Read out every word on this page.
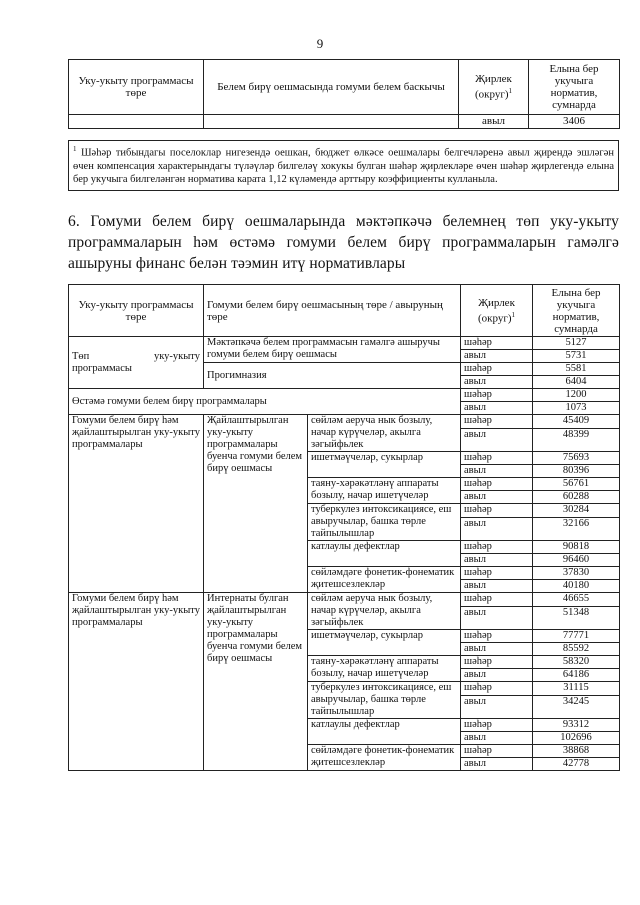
9
Уку-укыту программасы төре	Белем бирү оешмасында гомуми белем баскычы	Җирлек (округ)$^1$	Елына бер укучыга норматив, сумнарда
		авыл	3406
$^1$ Шәһәр тибындагы поселоклар нигезендә оешкан, бюджет өлкәсе оешмалары белгечләренә авыл җирендә эшләгән өчен компенсация характерындагы түләүләр билгеләү хокукы булган шәһәр җирлекләре өчен шәһәр җирлегендә елына бер укучыга билгеләнгән норматива карата 1,12 күләмендә арттыру коэффициенты кулланыла.
6. Гомуми белем бирү оешмаларында мәктәпкәчә белемнең төп уку-укыту программаларын һәм өстәмә гомуми белем бирү программаларын гамәлгә ашыруны финанс белән тәэмин итү нормативлары
Уку-укыту программасы төре	Гомуми белем бирү оешмасының төре / авыруның төре		Җирлек (округ)$^1$	Елына бер укучыга норматив, сумнарда
Төп уку-укыту программасы	Мәктәпкәчә белем программасын гамәлгә ашыручы гомуми белем бирү оешмасы		шәһәр	5127
			авыл	5731
	Прогимназия		шәһәр	5581
			авыл	6404
Өстәмә гомуми белем бирү программалары			шәһәр	1200
			авыл	1073
Гомуми белем бирү һәм җайлаштырылган уку-укыту программалары	Җайлаштырылган уку-укыту программалары буенча гомуми белем бирү оешмасы	сөйләм аеруча нык бозылу, начар күрүчеләр, акылга зәгыйфьлек	шәһәр	45409
			авыл	48399
		ишетмәүчеләр, сукырлар	шәһәр	75693
			авыл	80396
		таяну-хәрәкәтләнү аппараты бозылу, начар ишетүчеләр	шәһәр	56761
			авыл	60288
		туберкулез интоксикациясе, еш авыручылар, башка төрле тайпылышлар	шәһәр	30284
			авыл	32166
		катлаулы дефектлар	шәһәр	90818
			авыл	96460
		сөйләмдәге фонетик-фонематик җитешсезлекләр	шәһәр	37830
			авыл	40180
Гомуми белем бирү һәм җайлаштырылган уку-укыту программалары	Интернаты булган җайлаштырылган уку-укыту программалары буенча гомуми белем бирү оешмасы	сөйләм аеруча нык бозылу, начар күрүчеләр, акылга зәгыйфьлек	шәһәр	46655
			авыл	51348
		ишетмәүчеләр, сукырлар	шәһәр	77771
			авыл	85592
		таяну-хәрәкәтләнү аппараты бозылу, начар ишетүчеләр	шәһәр	58320
			авыл	64186
		туберкулез интоксикациясе, еш авыручылар, башка төрле тайпылышлар	шәһәр	31115
			авыл	34245
		катлаулы дефектлар	шәһәр	93312
			авыл	102696
		сөйләмдәге фонетик-фонематик җитешсезлекләр	шәһәр	38868
			авыл	42778
